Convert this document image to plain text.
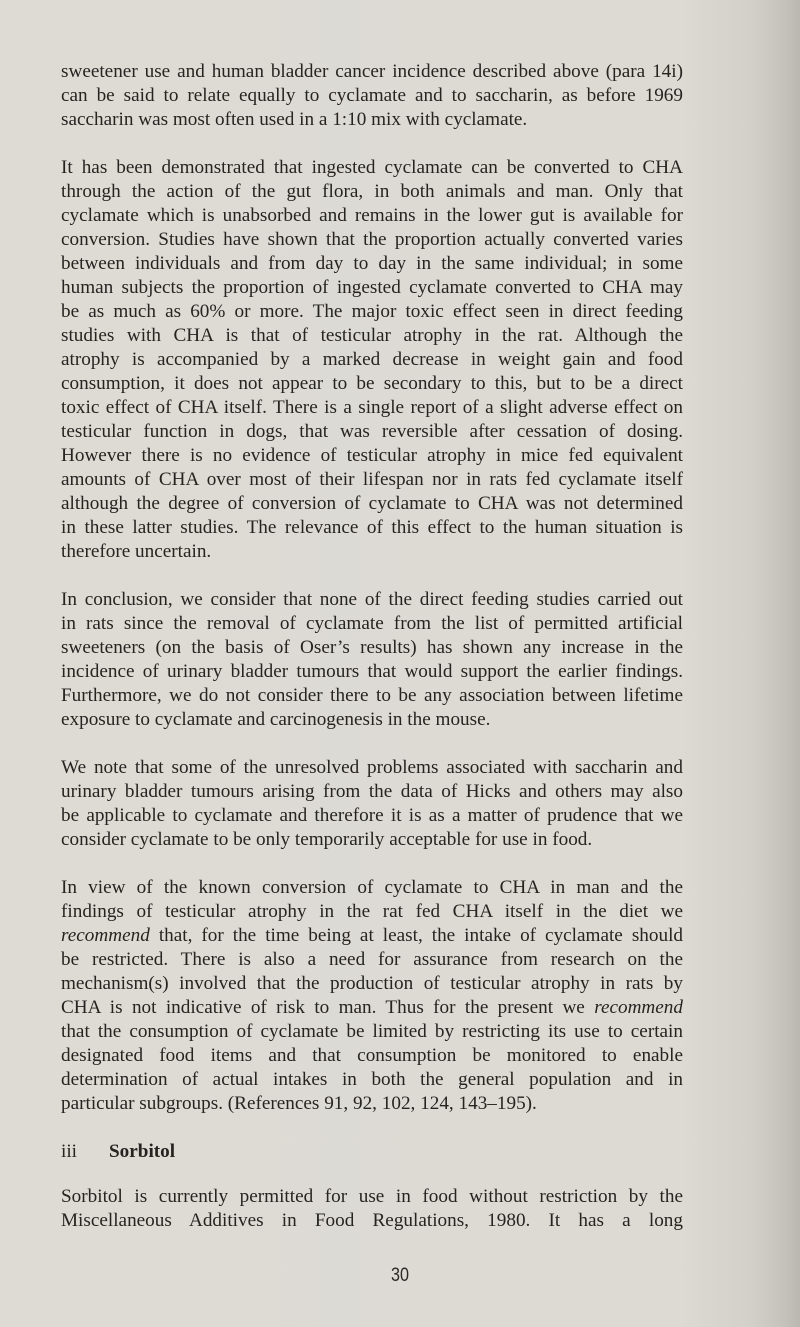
sweetener use and human bladder cancer incidence described above (para 14i)
can be said to relate equally to cyclamate and to saccharin, as before 1969
saccharin was most often used in a 1:10 mix with cyclamate.
It has been demonstrated that ingested cyclamate can be converted to CHA
through the action of the gut flora, in both animals and man. Only that
cyclamate which is unabsorbed and remains in the lower gut is available for
conversion. Studies have shown that the proportion actually converted varies
between individuals and from day to day in the same individual; in some
human subjects the proportion of ingested cyclamate converted to CHA may
be as much as 60% or more. The major toxic effect seen in direct feeding
studies with CHA is that of testicular atrophy in the rat. Although the
atrophy is accompanied by a marked decrease in weight gain and food
consumption, it does not appear to be secondary to this, but to be a direct
toxic effect of CHA itself. There is a single report of a slight adverse effect on
testicular function in dogs, that was reversible after cessation of dosing.
However there is no evidence of testicular atrophy in mice fed equivalent
amounts of CHA over most of their lifespan nor in rats fed cyclamate itself
although the degree of conversion of cyclamate to CHA was not determined
in these latter studies. The relevance of this effect to the human situation is
therefore uncertain.
In conclusion, we consider that none of the direct feeding studies carried out
in rats since the removal of cyclamate from the list of permitted artificial
sweeteners (on the basis of Oser’s results) has shown any increase in the
incidence of urinary bladder tumours that would support the earlier findings.
Furthermore, we do not consider there to be any association between lifetime
exposure to cyclamate and carcinogenesis in the mouse.
We note that some of the unresolved problems associated with saccharin and
urinary bladder tumours arising from the data of Hicks and others may also
be applicable to cyclamate and therefore it is as a matter of prudence that we
consider cyclamate to be only temporarily acceptable for use in food.
In view of the known conversion of cyclamate to CHA in man and the
findings of testicular atrophy in the rat fed CHA itself in the diet we
recommend that, for the time being at least, the intake of cyclamate should
be restricted. There is also a need for assurance from research on the
mechanism(s) involved that the production of testicular atrophy in rats by
CHA is not indicative of risk to man. Thus for the present we recommend
that the consumption of cyclamate be limited by restricting its use to certain
designated food items and that consumption be monitored to enable
determination of actual intakes in both the general population and in
particular subgroups. (References 91, 92, 102, 124, 143–195).
iii Sorbitol
Sorbitol is currently permitted for use in food without restriction by the
Miscellaneous Additives in Food Regulations, 1980. It has a long
30
